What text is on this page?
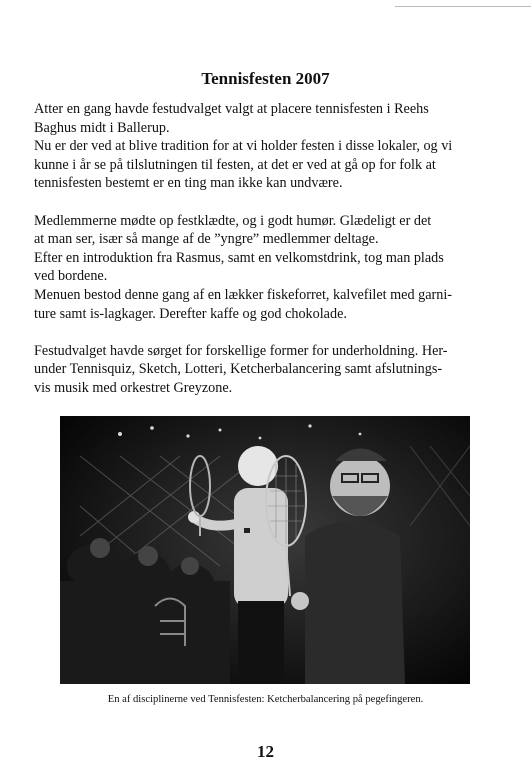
Tennisfesten 2007

Atter en gang havde festudvalget valgt at placere tennisfesten i Reehs
Baghus midt i Ballerup.
Nu er der ved at blive tradition for at vi holder festen i disse lokaler, og vi
kunne i år se på tilslutningen til festen, at det er ved at gå op for folk at
tennisfesten bestemt er en ting man ikke kan undvære.

Medlemmerne mødte op festklædte, og i godt humør. Glædeligt er det
at man ser, især så mange af de ”yngre” medlemmer deltage.
Efter en introduktion fra Rasmus, samt en velkomstdrink, tog man plads
ved bordene.
Menuen bestod denne gang af en lækker fiskeforret, kalvefilet med garni-
ture samt is-lagkager. Derefter kaffe og god chokolade.

Festudvalget havde sørget for forskellige former for underholdning. Her-
under Tennisquiz, Sketch, Lotteri, Ketcherbalancering samt afslutnings-
vis musik med orkestret Greyzone.

En af disciplinerne ved Tennisfesten: Ketcherbalancering på pegefingeren.
12
